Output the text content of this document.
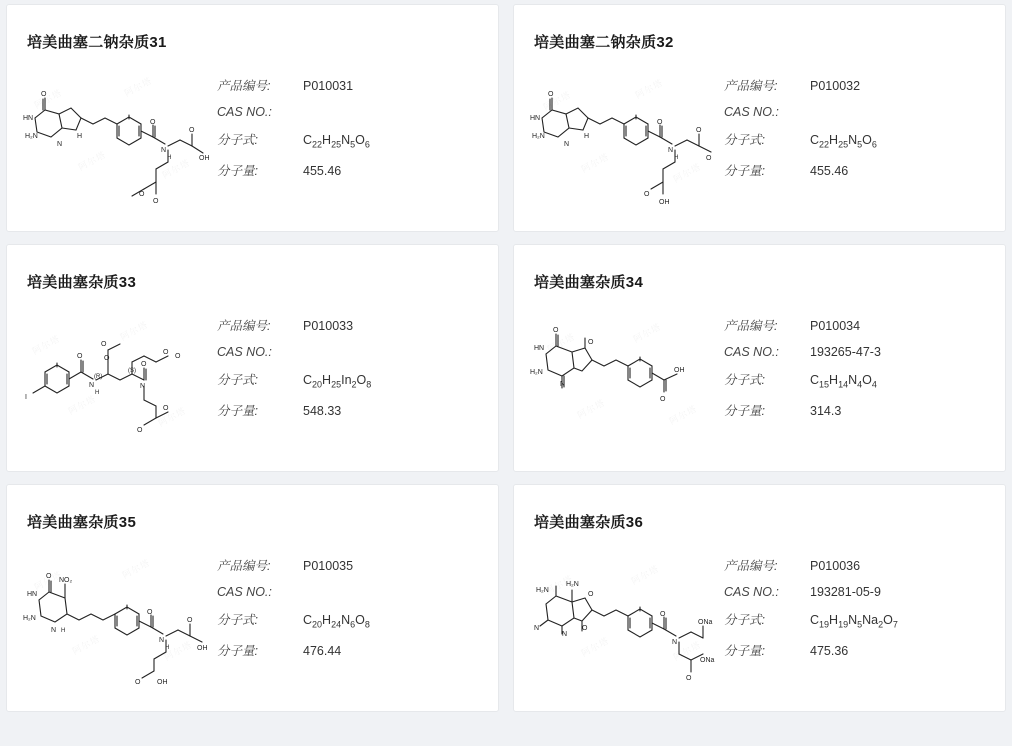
培美曲塞二钠杂质31
O
HN
H₂N
N
H
O
N
H
O
OH
O
O
产品编号:	P010031
CAS NO.:
分子式:	$C_{22}H_{25}N_5O_6$
分子量:	455.46
培美曲塞二钠杂质32
O
HN
H₂N
N
H
O
N
H
O
O
O
OH
产品编号:	P010032
CAS NO.:
分子式:	$C_{22}H_{25}N_5O_6$
分子量:	455.46
培美曲塞杂质33
I
O
N
H
O
O
(R)
(S)
N
O
O
O
O
O
产品编号:	P010033
CAS NO.:
分子式:	$C_{20}H_{25}In_2O_8$
分子量:	548.33
培美曲塞杂质34
O
HN
H₂N
N
O
O
OH
产品编号:	P010034
CAS NO.:	193265-47-3
分子式:	$C_{15}H_{14}N_4O_4$
分子量:	314.3
培美曲塞杂质35
O
HN
H₂N
N H
NO₂
O
N
H
O
OH
O OH
产品编号:	P010035
CAS NO.:
分子式:	$C_{20}H_{24}N_6O_8$
分子量:	476.44
培美曲塞杂质36
H₂N
H₂N
N
N
O
O
O
N
ONa
O
ONa
产品编号:	P010036
CAS NO.:	193281-05-9
分子式:	$C_{19}H_{19}N_5Na_2O_7$
分子量:	475.36
